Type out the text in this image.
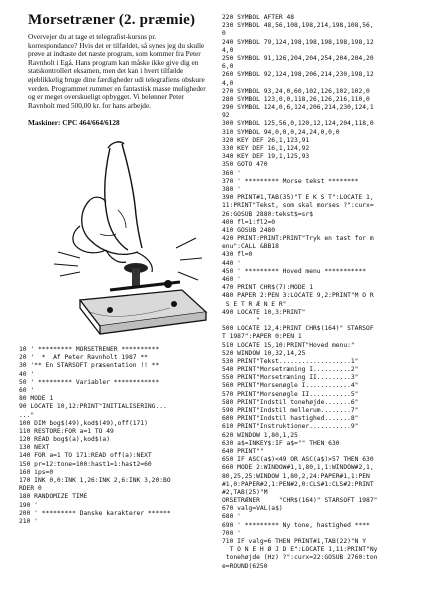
Morsetræner (2. præmie)

Overvejer du at tage et telegrafist-kursus pr. korrespondance? Hvis det er tilfældet, så synes jeg du skulle prøve at indtaste det næste program, som kommer fra Peter Ravnholt i Egå. Hans program kan måske ikke give dig en statskontrollert eksamen, men det kan i hvert tilfælde øjeblikkelig bruge dine færdigheder udi telegrafiens obskure verden. Programmet rummer en fantastisk masse muligheder og er meget overskueligt opbygget. Vi belønner Peter Ravnholt med 500,00 kr. for hans arbejde.

Maskiner: CPC 464/664/6128
10 ' ********* MORSETRENER **********
20 '  *  Af Peter Ravnholt 1987 **
30 '** En STARSOFT præsentation !! **
40 '
50 ' ********* Variabler ************
60 '
80 MODE 1
90 LOCATE 10,12:PRINT"INITIALISERING...
..."
100 DIM bog$(49),kod$(49),off(171)
110 RESTORE:FOR a=1 TO 49
120 READ bog$(a),kod$(a)
130 NEXT
140 FOR a=1 TO 171:READ off(a):NEXT
150 pr=12:tone=100:hast1=1:hast2=60
160 ips=0
170 INK 0,0:INK 1,26:INK 2,6:INK 3,20:BO
RDER 0
180 RANDOMIZE TIME
190 '
200 ' ********* Danske karakterer ******
210 '
220 SYMBOL AFTER 48
230 SYMBOL 48,56,108,198,214,198,108,56,
0
240 SYMBOL 79,124,198,198,198,198,198,12
4,0
250 SYMBOL 91,126,204,204,254,204,204,20
6,0
260 SYMBOL 92,124,198,206,214,230,198,12
4,0
270 SYMBOL 93,24,0,60,102,126,102,102,0
280 SYMBOL 123,0,0,118,26,126,216,110,0
290 SYMBOL 124,0,6,124,206,214,230,124,1
92
300 SYMBOL 125,56,0,120,12,124,204,118,0
310 SYMBOL 94,0,0,0,24,24,0,0,0
320 KEY DEF 26,1,123,91
330 KEY DEF 16,1,124,92
340 KEY DEF 19,1,125,93
350 GOTO 470
360 '
370 ' ********* Morse tekst ********
380 '
390 PRINT#1,TAB(35)"T E K S T":LOCATE 1,
11:PRINT"Tekst, som skal morses ?":curx=
26:GOSUB 2880:tekst$=sr$
400 fl=1:fl2=0
410 GOSUB 2480
420 PRINT:PRINT:PRINT"Tryk en tast for m
enu":CALL &BB18
430 fl=0
440 '
450 ' ********* Hoved menu ***********
460 '
470 PRINT CHR$(7):MODE 1
480 PAPER 2:PEN 3:LOCATE 9,2:PRINT"M O R
S E T R Æ N E R"
490 LOCATE 10,3:PRINT"
"
500 LOCATE 12,4:PRINT CHR$(164)" STARSOF
T 1987":PAPER 0:PEN 1
510 LOCATE 15,10:PRINT"Hoved menu:"
520 WINDOW 10,32,14,25
530 PRINT"Tekst...................1"
540 PRINT"Morsetræning I..........2"
550 PRINT"Morsetræning II.........3"
560 PRINT"Morsenøgle I............4"
570 PRINT"Morsenøgle II...........5"
580 PRINT"Indstil tonehøjde.......6"
590 PRINT"Indstil mellerum........7"
600 PRINT"Indstil hastighed.......8"
610 PRINT"Instruktioner...........9"
620 WINDOW 1,80,1,25
630 a$=INKEY$:IF a$="" THEN 630
640 PRINT""
650 IF ASC(a$)<49 OR ASC(a$)>57 THEN 630
660 MODE 2:WINDOW#1,1,80,1,1:WINDOW#2,1,
80,25,25:WINDOW 1,80,2,24:PAPER#1,1:PEN
#1,0:PAPER#2,1:PEN#2,0:CLS#1:CLS#2:PRINT
#2,TAB(25)"M
ORSETRÆNER     "CHR$(164)" STARSOFT 1987"
670 valg=VAL(a$)
680 '
690 ' ********* Ny tone, hastighed ****
700 '
710 IF valg=6 THEN PRINT#1,TAB(22)"N Y
T O N E H Ø J D E":LOCATE 1,11:PRINT"Ny
tonehøjde (Hz) ?":curx=22:GOSUB 2760:ton
e=ROUND(6250
